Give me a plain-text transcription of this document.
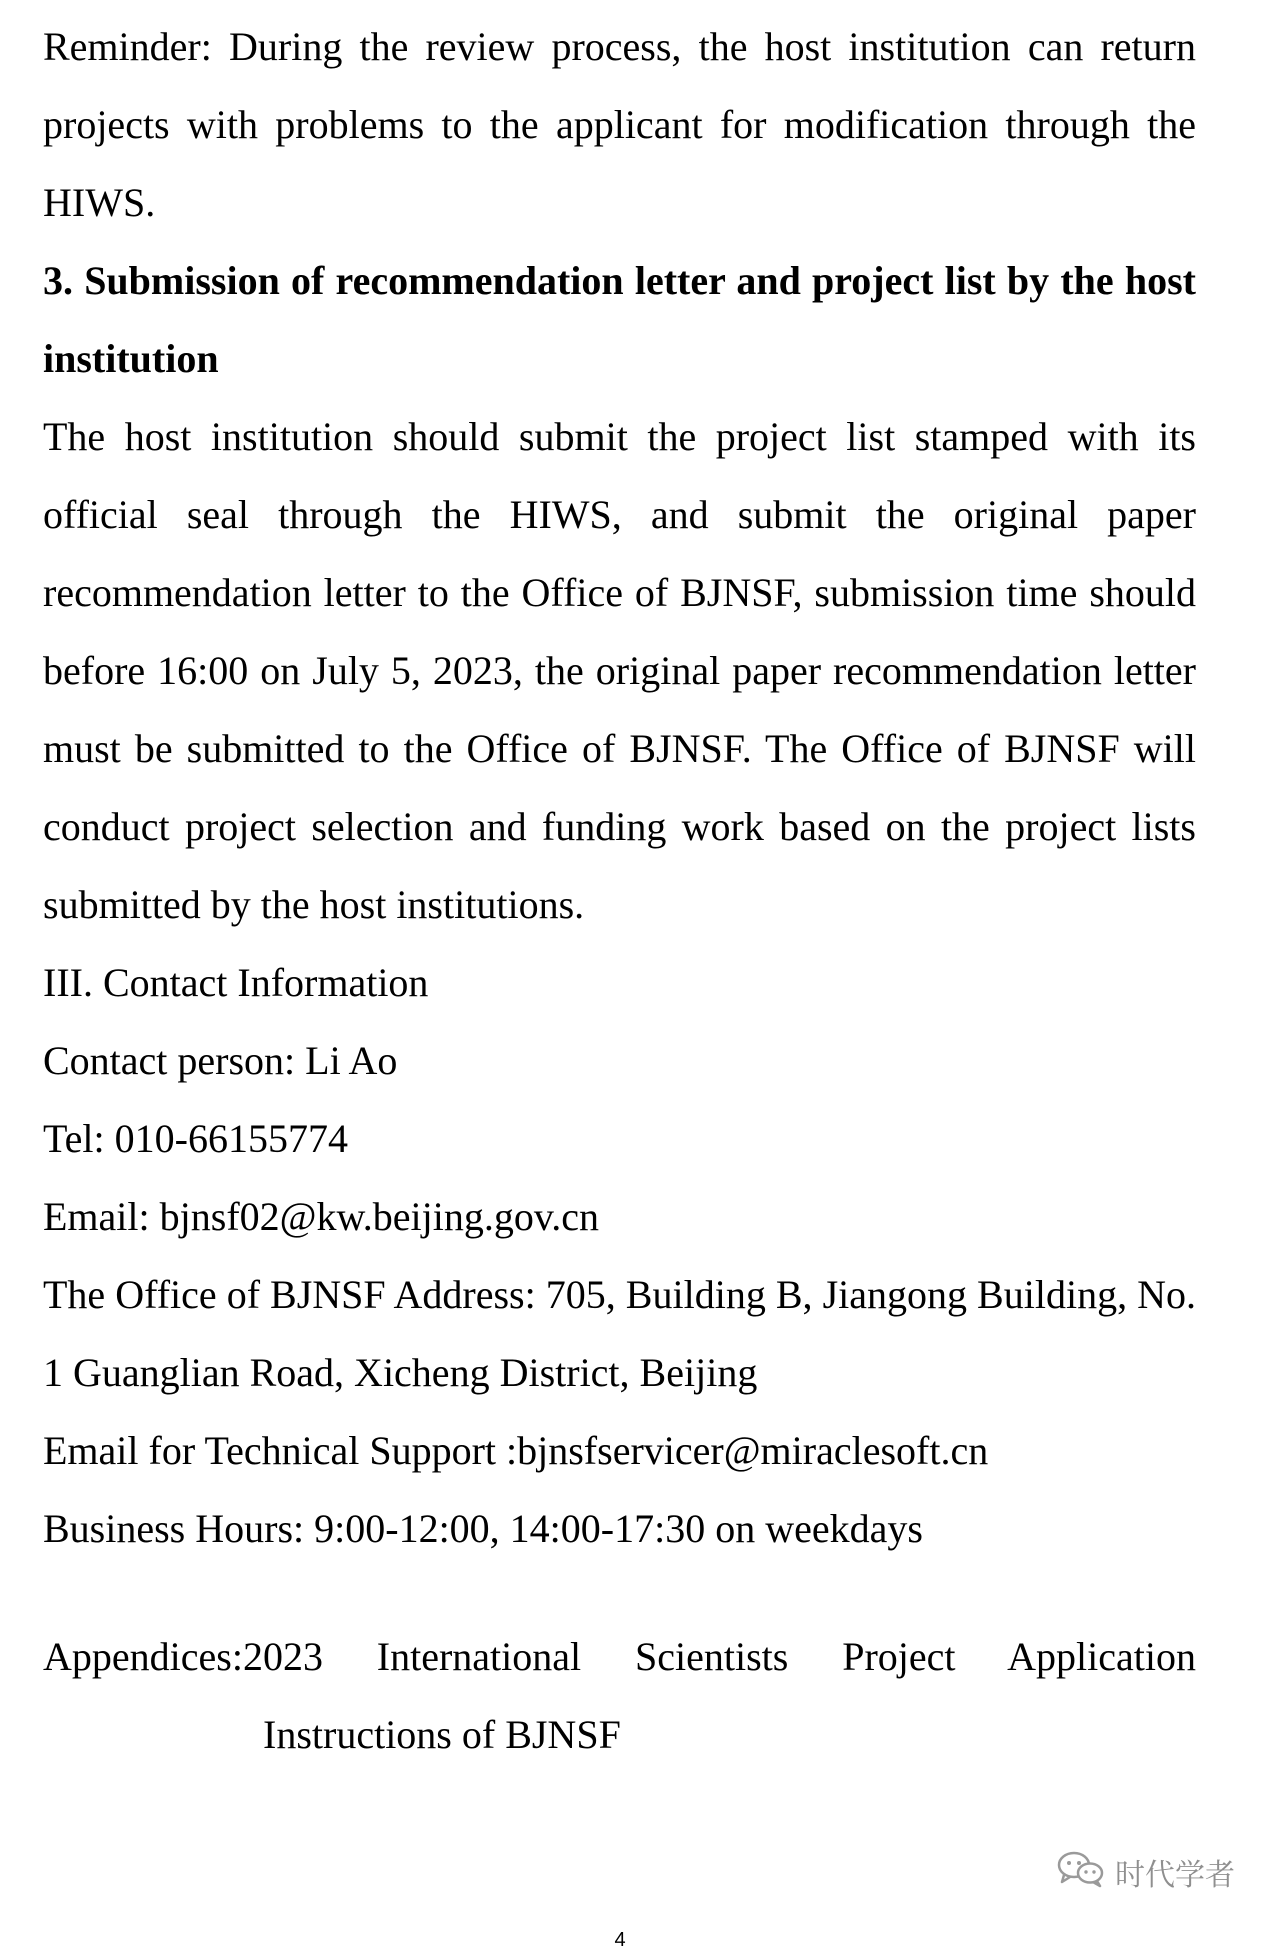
Reminder: During the review process, the host institution can return projects with problems to the applicant for modification through the HIWS.

3. Submission of recommendation letter and project list by the host institution

The host institution should submit the project list stamped with its official seal through the HIWS, and submit the original paper recommendation letter to the Office of BJNSF, submission time should before 16:00 on July 5, 2023, the original paper recommendation letter must be submitted to the Office of BJNSF. The Office of BJNSF will conduct project selection and funding work based on the project lists submitted by the host institutions.

III. Contact Information

Contact person: Li Ao

Tel: 010-66155774

Email: bjnsf02@kw.beijing.gov.cn

The Office of BJNSF Address: 705, Building B, Jiangong Building, No. 1 Guanglian Road, Xicheng District, Beijing

Email for Technical Support :bjnsfservicer@miraclesoft.cn

Business Hours: 9:00-12:00, 14:00-17:30 on weekdays

Appendices:2023 International Scientists Project Application

Instructions of BJNSF

时代学者
4
